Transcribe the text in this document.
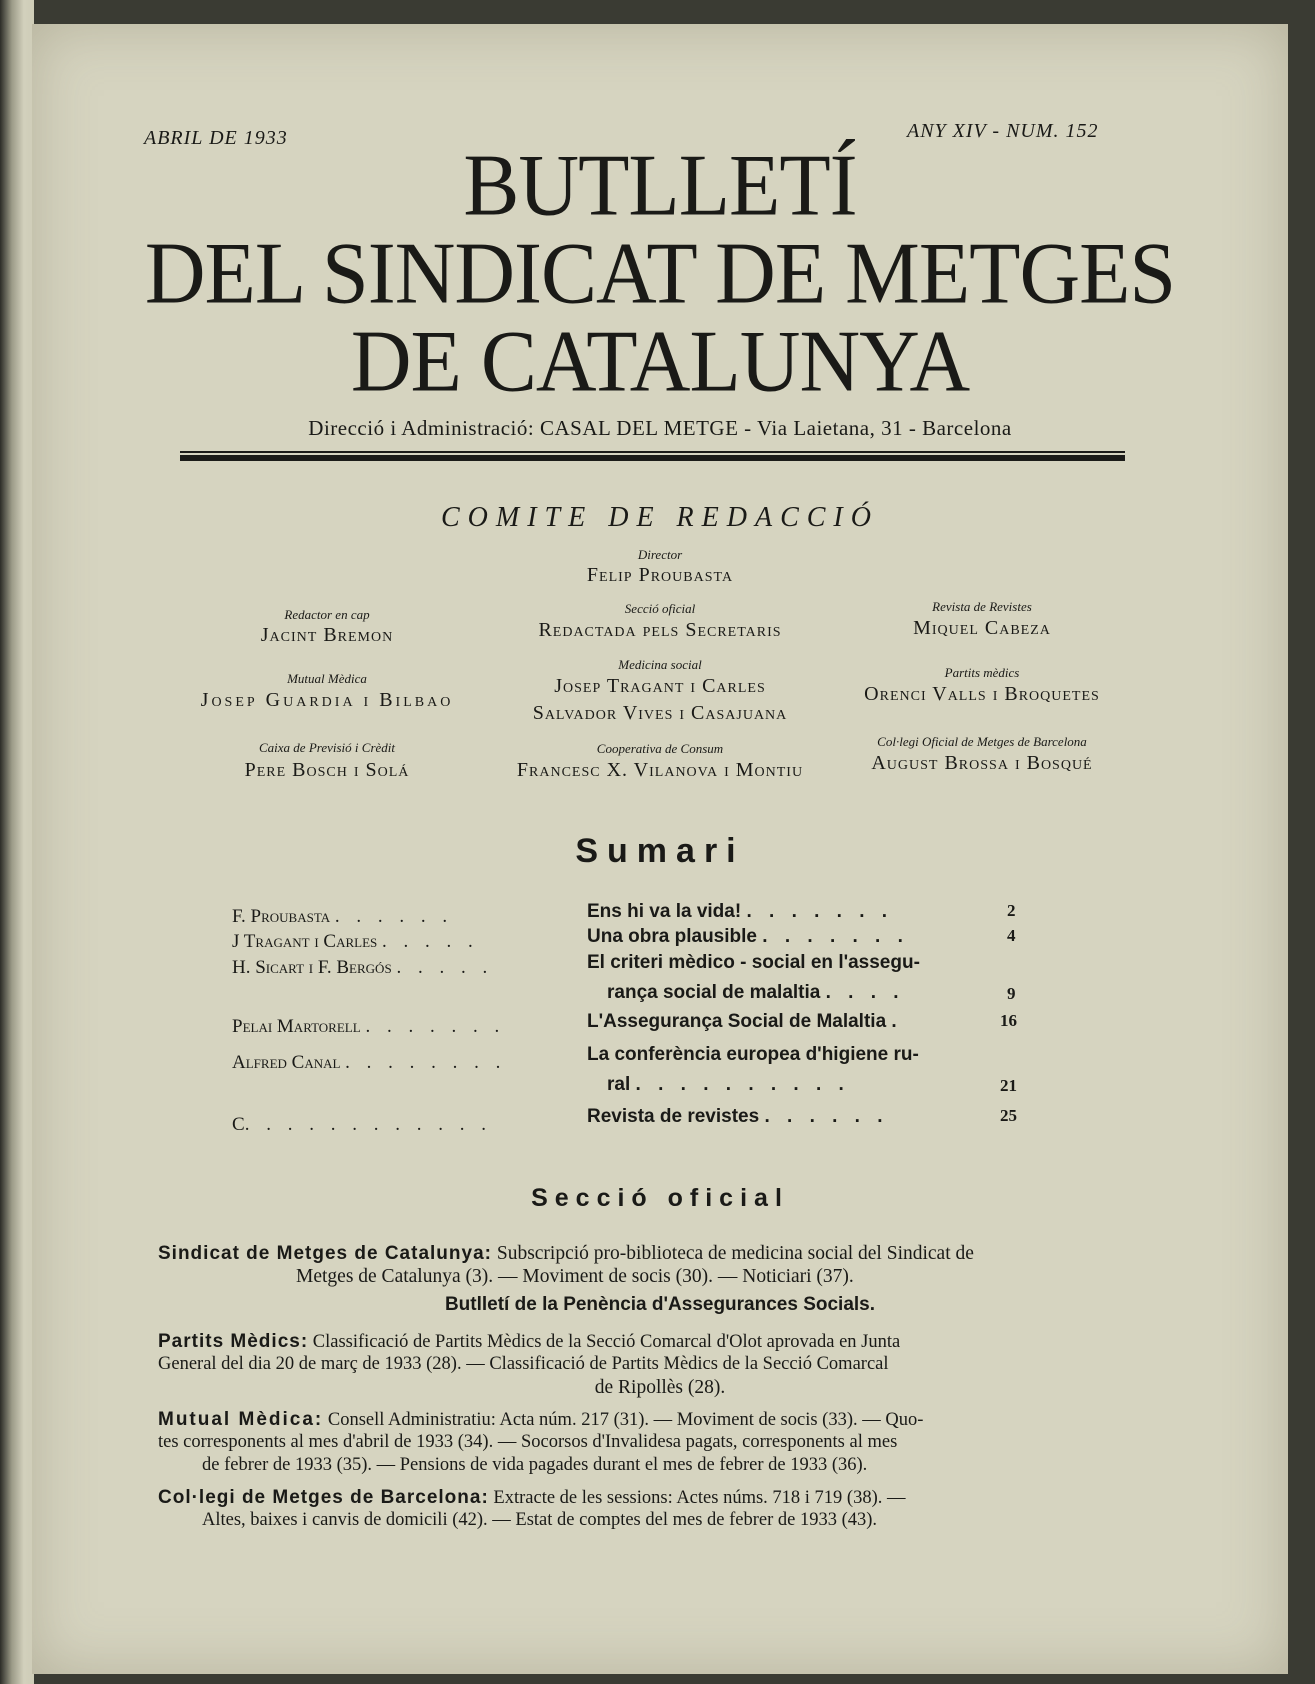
ABRIL DE 1933	ANY XIV - NUM. 152
BUTLLETÍ
DEL SINDICAT DE METGES
DE CATALUNYA
Direcció i Administració: CASAL DEL METGE - Via Laietana, 31 - Barcelona
COMITE DE REDACCIÓ
Director
Felip Proubasta
Redactor en cap
Jacint Bremon
Mutual Mèdica
Josep Guardia i Bilbao
Caixa de Previsió i Crèdit
Pere Bosch i Solá
Secció oficial
Redactada pels Secretaris
Medicina social
Josep Tragant i Carles
Salvador Vives i Casajuana
Cooperativa de Consum
Francesc X. Vilanova i Montiu
Revista de Revistes
Miquel Cabeza
Partits mèdics
Orenci Valls i Broquetes
Col·legi Oficial de Metges de Barcelona
August Brossa i Bosqué
Sumari
F. Proubasta . . . . . .	Ens hi va la vida! . . . . . . .	2
J Tragant i Carles . . . . .	Una obra plausible . . . . . . .	4
H. Sicart i F. Bergós . . . . .	El criteri mèdico - social en l'assegu-
rança social de malaltia . . . .	9
Pelai Martorell . . . . . . .	L'Assegurança Social de Malaltia .	16
Alfred Canal . . . . . . . .	La conferència europea d'higiene ru-
ral . . . . . . . . . .	21
C. . . . . . . . . . . .	Revista de revistes . . . . . .	25
Secció oficial
Sindicat de Metges de Catalunya: Subscripció pro-biblioteca de medicina social del Sindicat de
Metges de Catalunya (3). — Moviment de socis (30). — Noticiari (37).
Butlletí de la Penència d'Assegurances Socials.
Partits Mèdics: Classificació de Partits Mèdics de la Secció Comarcal d'Olot aprovada en Junta
General del dia 20 de març de 1933 (28). — Classificació de Partits Mèdics de la Secció Comarcal
de Ripollès (28).
Mutual Mèdica: Consell Administratiu: Acta núm. 217 (31). — Moviment de socis (33). — Quo-
tes corresponents al mes d'abril de 1933 (34). — Socorsos d'Invalidesa pagats, corresponents al mes
de febrer de 1933 (35). — Pensions de vida pagades durant el mes de febrer de 1933 (36).
Col·legi de Metges de Barcelona: Extracte de les sessions: Actes núms. 718 i 719 (38). —
Altes, baixes i canvis de domicili (42). — Estat de comptes del mes de febrer de 1933 (43).
